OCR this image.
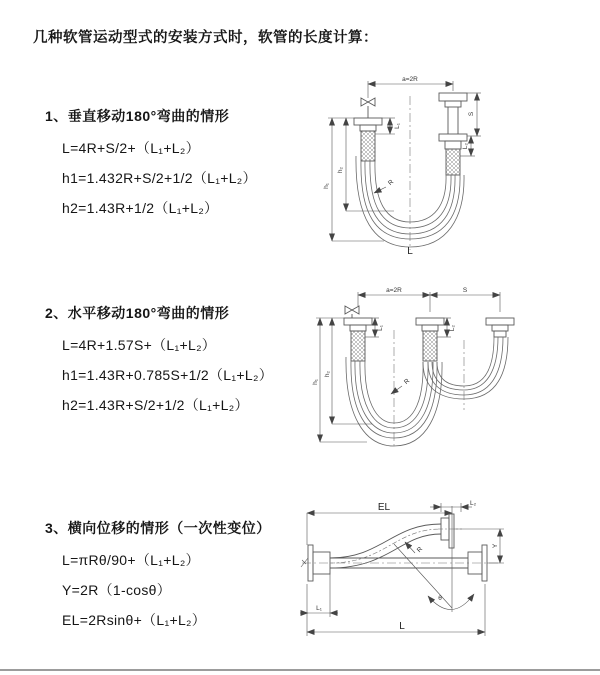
几种软管运动型式的安装方式时，软管的长度计算：
1、垂直移动180°弯曲的情形
L=4R+S/2+（L₁+L₂）
h1=1.432R+S/2+1/2（L₁+L₂）
h2=1.43R+1/2（L₁+L₂）
a=2R
h₁
h₂
L₁
S
L₂
R
L
2、水平移动180°弯曲的情形
L=4R+1.57S+（L₁+L₂）
h1=1.43R+0.785S+1/2（L₁+L₂）
h2=1.43R+S/2+1/2（L₁+L₂）
a=2R	S
h₁
h₂
L₁	L₂
R
3、横向位移的情形（一次性变位）
L=πRθ/90+（L₁+L₂）
Y=2R（1-cosθ）
EL=2Rsinθ+（L₁+L₂）
EL	L₂
θ
R	Y
L₁
L
